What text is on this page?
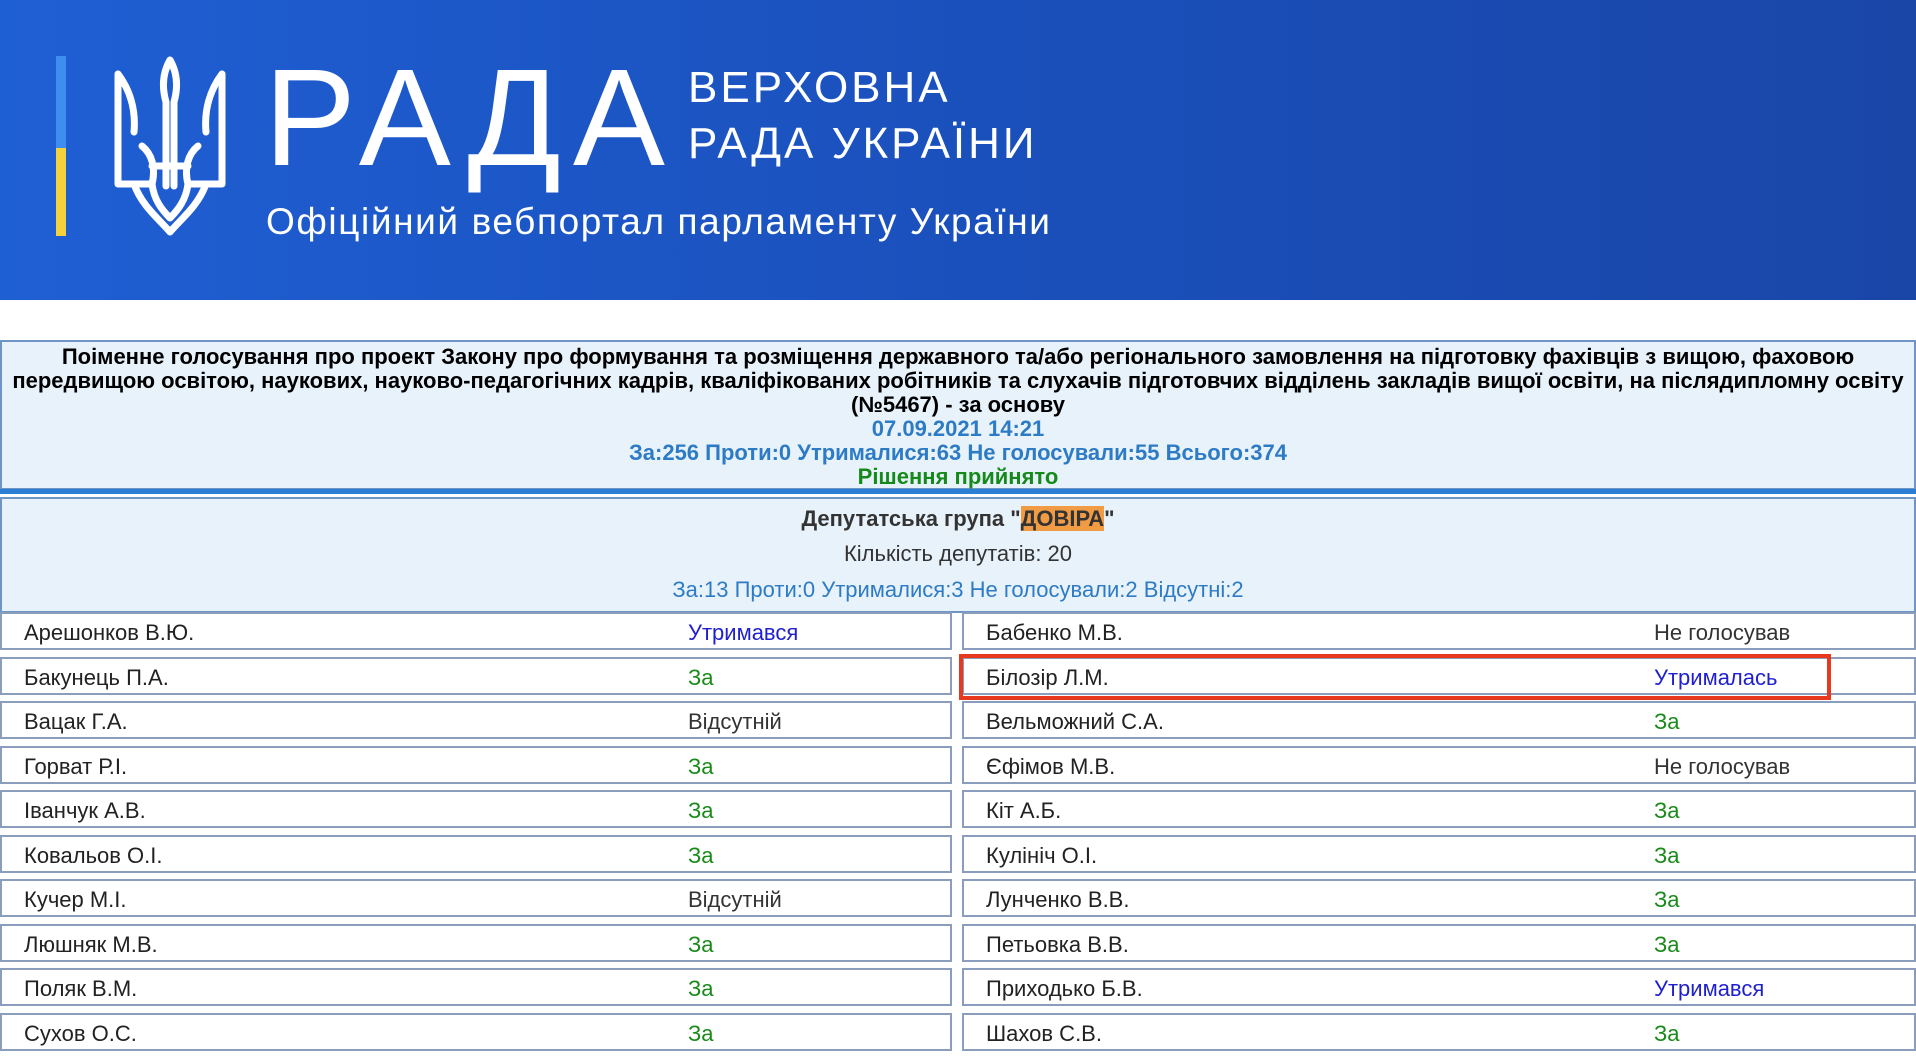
РАДА ВЕРХОВНА
РАДА УКРАЇНИ
Офіційний вебпортал парламенту України
Поіменне голосування про проект Закону про формування та розміщення державного та/або регіонального замовлення на підготовку фахівців з вищою, фаховою передвищою освітою, наукових, науково-педагогічних кадрів, кваліфікованих робітників та слухачів підготовчих відділень закладів вищої освіти, на післядипломну освіту (№5467) - за основу
07.09.2021 14:21
За:256 Проти:0 Утрималися:63 Не голосували:55 Всього:374
Рішення прийнято
Депутатська група "ДОВІРА"
Кількість депутатів: 20
За:13 Проти:0 Утрималися:3 Не голосували:2 Відсутні:2
Арешонков В.Ю.	Утримався
Бакунець П.А.	За
Вацак Г.А.	Відсутній
Горват Р.І.	За
Іванчук А.В.	За
Ковальов О.І.	За
Кучер М.І.	Відсутній
Люшняк М.В.	За
Поляк В.М.	За
Сухов О.С.	За
Бабенко М.В.	Не голосував
Білозір Л.М.	Утрималась
Вельможний С.А.	За
Єфімов М.В.	Не голосував
Кіт А.Б.	За
Кулініч О.І.	За
Лунченко В.В.	За
Петьовка В.В.	За
Приходько Б.В.	Утримався
Шахов С.В.	За
